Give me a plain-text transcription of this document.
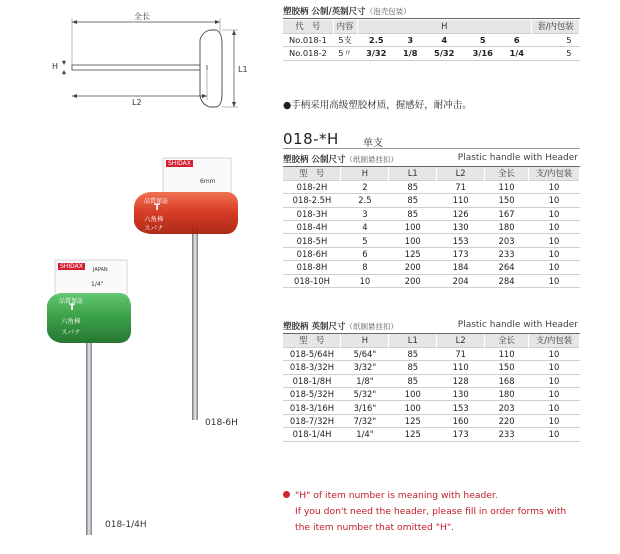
全长
H	L1
L2
SHIDAX
6mm
品質保証
T
六角棒
スパナ
018-6H
SHIDAX
1/4"
JAPAN
品質保証
T
六角棒
スパナ
018-1/4H
塑胶柄 公制/英制尺寸（泡壳包装）
代　号	内容	H					套/内包装
No.018-1	5支	2.5	3	4	5	6	5
No.018-2	5〃	3/32	1/8	5/32	3/16	1/4	5
●手柄采用高级塑胶材质，握感好，耐冲击。
018-*H 单支
塑胶柄 公制尺寸（纸制悬挂扣）	Plastic handle with Header
型　号	H	L1	L2	全长	支/内包装
018-2H	2	85	71	110	10
018-2.5H	2.5	85	110	150	10
018-3H	3	85	126	167	10
018-4H	4	100	130	180	10
018-5H	5	100	153	203	10
018-6H	6	125	173	233	10
018-8H	8	200	184	264	10
018-10H	10	200	204	284	10
塑胶柄 英制尺寸（纸制悬挂扣）	Plastic handle with Header
型　号	H	L1	L2	全长	支/内包装
018-5/64H	5/64"	85	71	110	10
018-3/32H	3/32"	85	110	150	10
018-1/8H	1/8"	85	128	168	10
018-5/32H	5/32"	100	130	180	10
018-3/16H	3/16"	100	153	203	10
018-7/32H	7/32"	125	160	220	10
018-1/4H	1/4"	125	173	233	10
"H" of item number is meaning with header.
If you don't need the header, please fill in order forms with
the item number that omitted "H".
